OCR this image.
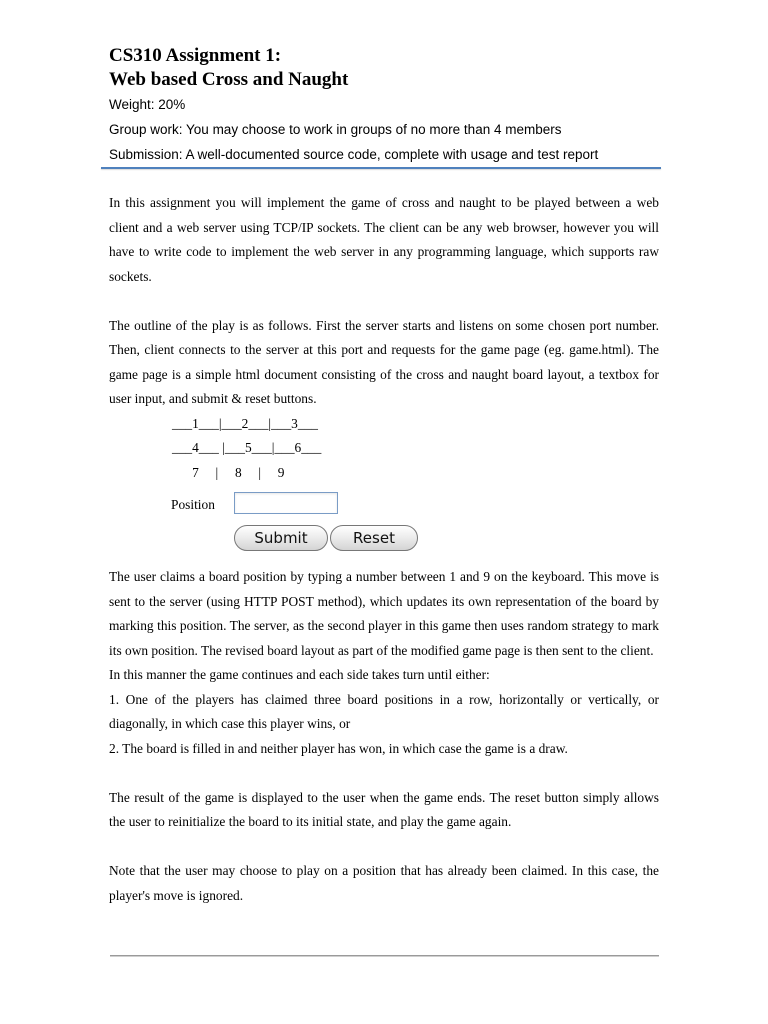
CS310 Assignment 1:
Web based Cross and Naught

Weight: 20%

Group work: You may choose to work in groups of no more than 4 members

Submission: A well-documented source code, complete with usage and test report

In this assignment you will implement the game of cross and naught to be played between a web client and a web server using TCP/IP sockets. The client can be any web browser, however you will have to write code to implement the web server in any programming language, which supports raw sockets.

The outline of the play is as follows. First the server starts and listens on some chosen port number. Then, client connects to the server at this port and requests for the game page (eg. game.html). The game page is a simple html document consisting of the cross and naught board layout, a textbox for user input, and submit & reset buttons.

___1___|___2___|___3___
___4___ |___5___|___6___
7     |     8     |     9
Position
Submit	Reset

The user claims a board position by typing a number between 1 and 9 on the keyboard. This move is sent to the server (using HTTP POST method), which updates its own representation of the board by marking this position. The server, as the second player in this game then uses random strategy to mark its own position. The revised board layout as part of the modified game page is then sent to the client.

In this manner the game continues and each side takes turn until either:

1. One of the players has claimed three board positions in a row, horizontally or vertically, or diagonally, in which case this player wins, or

2. The board is filled in and neither player has won, in which case the game is a draw.

The result of the game is displayed to the user when the game ends. The reset button simply allows the user to reinitialize the board to its initial state, and play the game again.

Note that the user may choose to play on a position that has already been claimed. In this case, the player's move is ignored.
